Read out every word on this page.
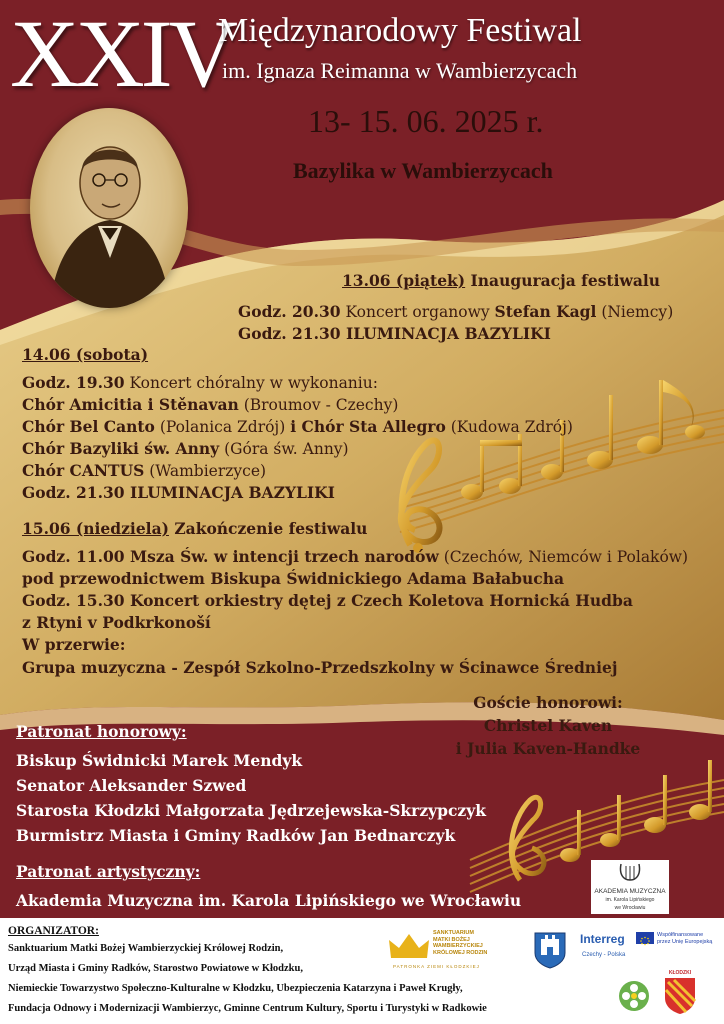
XXIV
Międzynarodowy Festiwal
im. Ignaza Reimanna w Wambierzycach
13- 15. 06. 2025 r.
Bazylika w Wambierzycach
13.06 (piątek) Inauguracja festiwalu
Godz. 20.30 Koncert organowy Stefan Kagl (Niemcy)
Godz. 21.30 ILUMINACJA BAZYLIKI
14.06 (sobota)
Godz. 19.30 Koncert chóralny w wykonaniu:
Chór Amicitia i Stěnavan (Broumov - Czechy)
Chór Bel Canto (Polanica Zdrój) i Chór Sta Allegro (Kudowa Zdrój)
Chór Bazyliki św. Anny (Góra św. Anny)
Chór CANTUS (Wambierzyce)
Godz. 21.30 ILUMINACJA BAZYLIKI
15.06 (niedziela) Zakończenie festiwalu
Godz. 11.00 Msza Św. w intencji trzech narodów (Czechów, Niemców i Polaków)
pod przewodnictwem Biskupa Świdnickiego Adama Bałabucha
Godz. 15.30 Koncert orkiestry dętej z Czech Koletova Hornická Hudba
z Rtyni v Podkrkonoší
W przerwie:
Grupa muzyczna - Zespół Szkolno-Przedszkolny w Ścinawce Średniej
Goście honorowi:
Christel Kaven
i Julia Kaven-Handke
Patronat honorowy:
Biskup Świdnicki Marek Mendyk
Senator Aleksander Szwed
Starosta Kłodzki Małgorzata Jędrzejewska-Skrzypczyk
Burmistrz Miasta i Gminy Radków Jan Bednarczyk
Patronat artystyczny:
Akademia Muzyczna im. Karola Lipińskiego we Wrocławiu	AKADEMIA MUZYCZNA
im. Karola Lipińskiego
we Wrocławiu
ORGANIZATOR:
Sanktuarium Matki Bożej Wambierzyckiej Królowej Rodzin,
Urząd Miasta i Gminy Radków, Starostwo Powiatowe w Kłodzku,
Niemieckie Towarzystwo Społeczno-Kulturalne w Kłodzku, Ubezpieczenia Katarzyna i Paweł Krugły,
Fundacja Odnowy i Modernizacji Wambierzyc, Gminne Centrum Kultury, Sportu i Turystyki w Radkowie
SANKTUARIUM
MATKI BOŻEJ
WAMBIERZYCKIEJ
KRÓLOWEJ RODZIN
PATRONKA ZIEMI KŁODZKIEJ
Interreg	Współfinansowane
przez Unię Europejską
Czechy - Polska
KŁODZKI
